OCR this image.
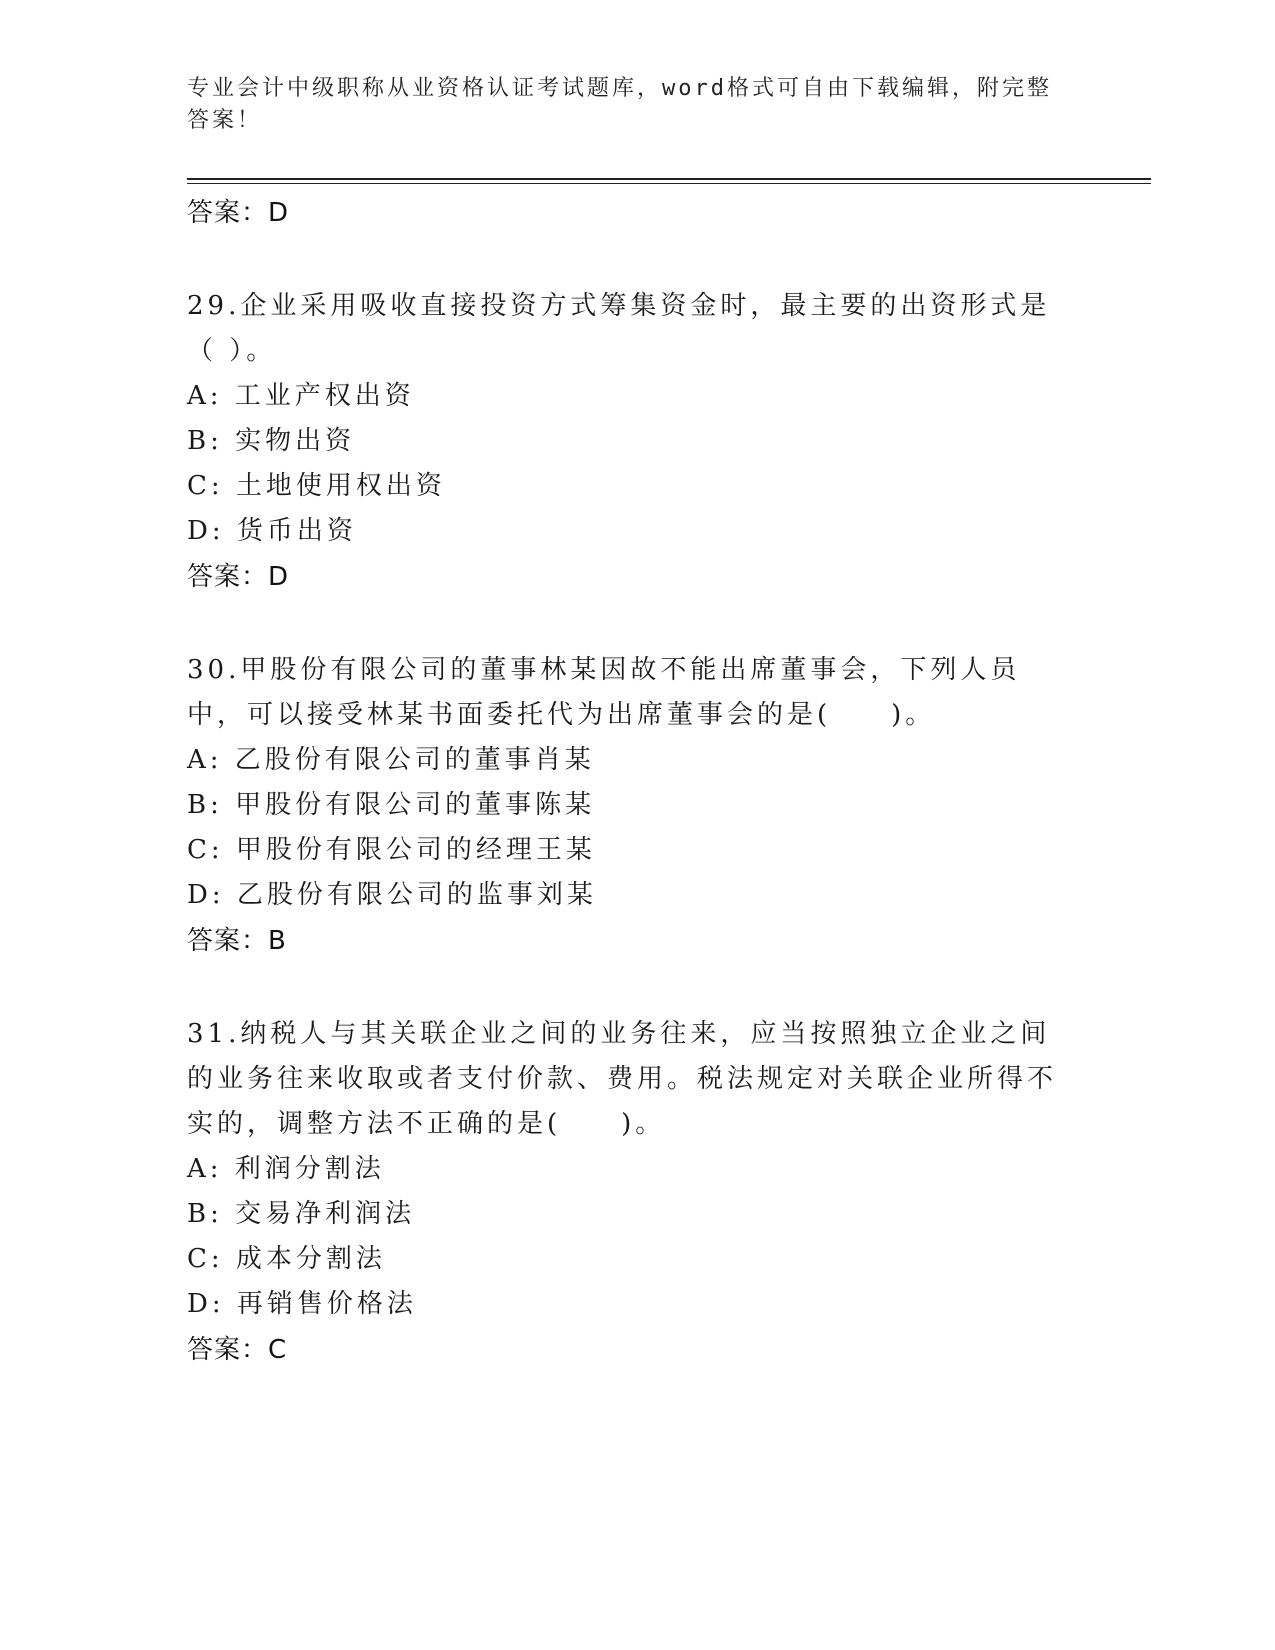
专业会计中级职称从业资格认证考试题库，word格式可自由下载编辑，附完整答案！
答案：D
29.企业采用吸收直接投资方式筹集资金时，最主要的出资形式是（ ）。
A: 工业产权出资
B: 实物出资
C: 土地使用权出资
D: 货币出资
答案：D
30.甲股份有限公司的董事林某因故不能出席董事会，下列人员中，可以接受林某书面委托代为出席董事会的是(　　)。
A: 乙股份有限公司的董事肖某
B: 甲股份有限公司的董事陈某
C: 甲股份有限公司的经理王某
D: 乙股份有限公司的监事刘某
答案：B
31.纳税人与其关联企业之间的业务往来，应当按照独立企业之间的业务往来收取或者支付价款、费用。税法规定对关联企业所得不实的，调整方法不正确的是(　　)。
A: 利润分割法
B: 交易净利润法
C: 成本分割法
D: 再销售价格法
答案：C
